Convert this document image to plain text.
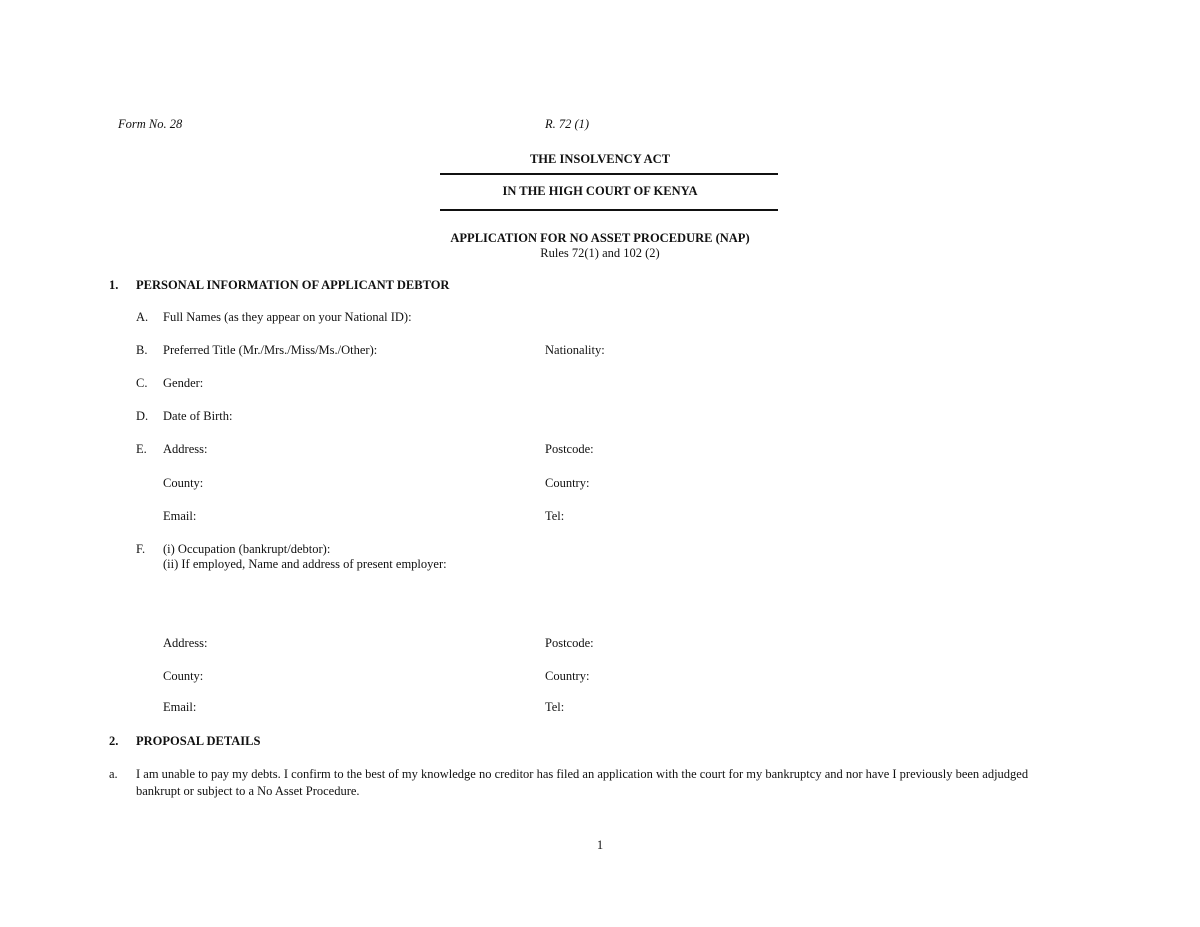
Form No. 28	R. 72 (1)
THE INSOLVENCY ACT
IN THE HIGH COURT OF KENYA
APPLICATION FOR NO ASSET PROCEDURE (NAP)
Rules 72(1) and 102 (2)
1. PERSONAL INFORMATION OF APPLICANT DEBTOR
A. Full Names (as they appear on your National ID):
B. Preferred Title (Mr./Mrs./Miss/Ms./Other):	Nationality:
C. Gender:
D. Date of Birth:
E. Address:	Postcode:
County:	Country:
Email:	Tel:
F. (i) Occupation (bankrupt/debtor):
(ii) If employed, Name and address of present employer:
Address:	Postcode:
County:	Country:
Email:	Tel:
2. PROPOSAL DETAILS
a. I am unable to pay my debts. I confirm to the best of my knowledge no creditor has filed an application with the court for my bankruptcy and nor have I previously been adjudged bankrupt or subject to a No Asset Procedure.
1
